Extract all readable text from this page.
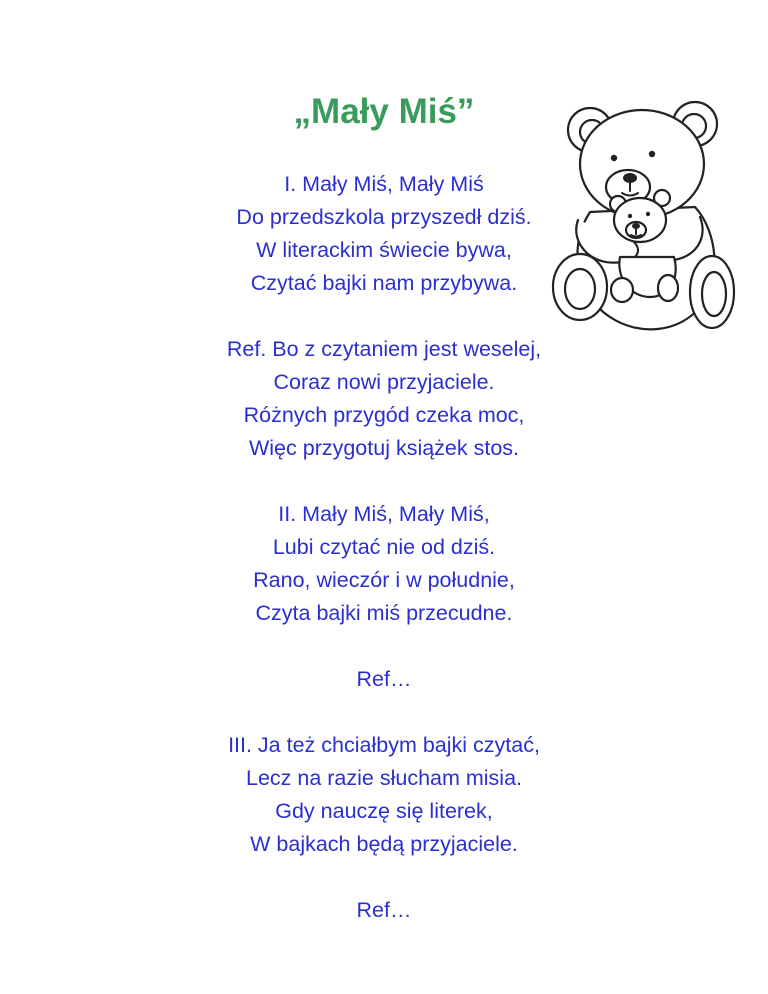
„Mały Miś”
I. Mały Miś, Mały Miś
Do przedszkola przyszedł dziś.
W literackim świecie bywa,
Czytać bajki nam przybywa.
Ref. Bo z czytaniem jest weselej,
Coraz nowi przyjaciele.
Różnych przygód czeka moc,
Więc przygotuj książek stos.
II. Mały Miś, Mały Miś,
Lubi czytać nie od dziś.
Rano, wieczór i w południe,
Czyta bajki miś przecudne.
Ref…
III. Ja też chciałbym bajki czytać,
Lecz na razie słucham misia.
Gdy nauczę się literek,
W bajkach będą przyjaciele.
Ref…
